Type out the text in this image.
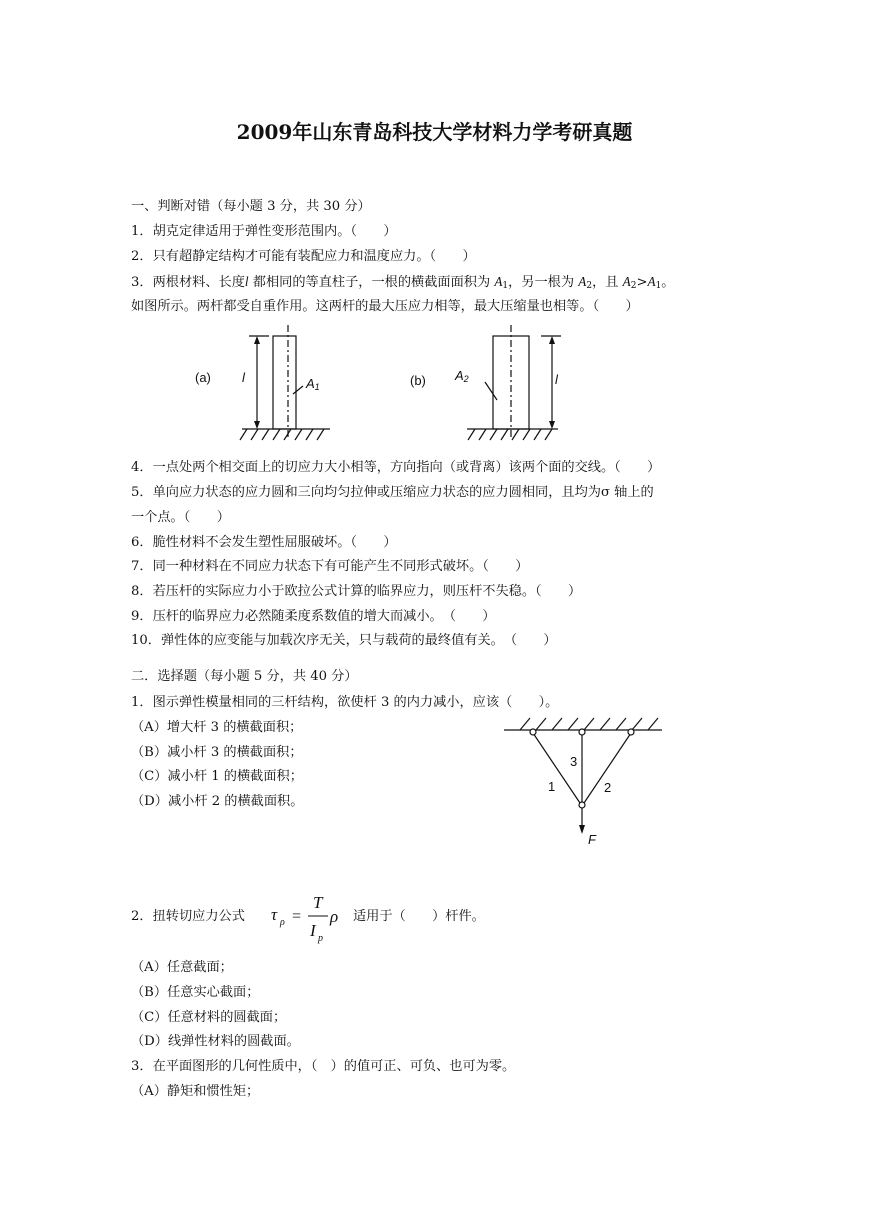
2009年山东青岛科技大学材料力学考研真题
一、判断对错（每小题 3 分，共 30 分）
1．胡克定律适用于弹性变形范围内。（　　）
2．只有超静定结构才可能有装配应力和温度应力。（　　）
3．两根材料、长度l 都相同的等直柱子，一根的横截面面积为 $A_1$，另一根为 $A_2$，且 $A_2>A_1$。
如图所示。两杆都受自重作用。这两杆的最大压应力相等，最大压缩量也相等。（　　）
(a) l	A1	(b) A2	l
4．一点处两个相交面上的切应力大小相等，方向指向（或背离）该两个面的交线。（　　）
5．单向应力状态的应力圆和三向均匀拉伸或压缩应力状态的应力圆相同，且均为σ 轴上的
一个点。（　　）
6．脆性材料不会发生塑性屈服破坏。（　　）
7．同一种材料在不同应力状态下有可能产生不同形式破坏。（　　）
8．若压杆的实际应力小于欧拉公式计算的临界应力，则压杆不失稳。（　　）
9．压杆的临界应力必然随柔度系数值的增大而减小。　（　　）
10．弹性体的应变能与加载次序无关，只与载荷的最终值有关。　（　　）
二．选择题（每小题 5 分，共 40 分）
1．图示弹性模量相同的三杆结构，欲使杆 3 的内力减小，应该（　　）。
（A）增大杆 3 的横截面积；
（B）减小杆 3 的横截面积；
（C）减小杆 1 的横截面积；
（D）减小杆 2 的横截面积。
1	2
3
F
2．扭转切应力公式 τ ρ
T
I p
ρ
=	适用于（　　）杆件。
（A）任意截面；
（B）任意实心截面；
（C）任意材料的圆截面；
（D）线弹性材料的圆截面。
3．在平面图形的几何性质中，（　）的值可正、可负、也可为零。
（A）静矩和惯性矩；
